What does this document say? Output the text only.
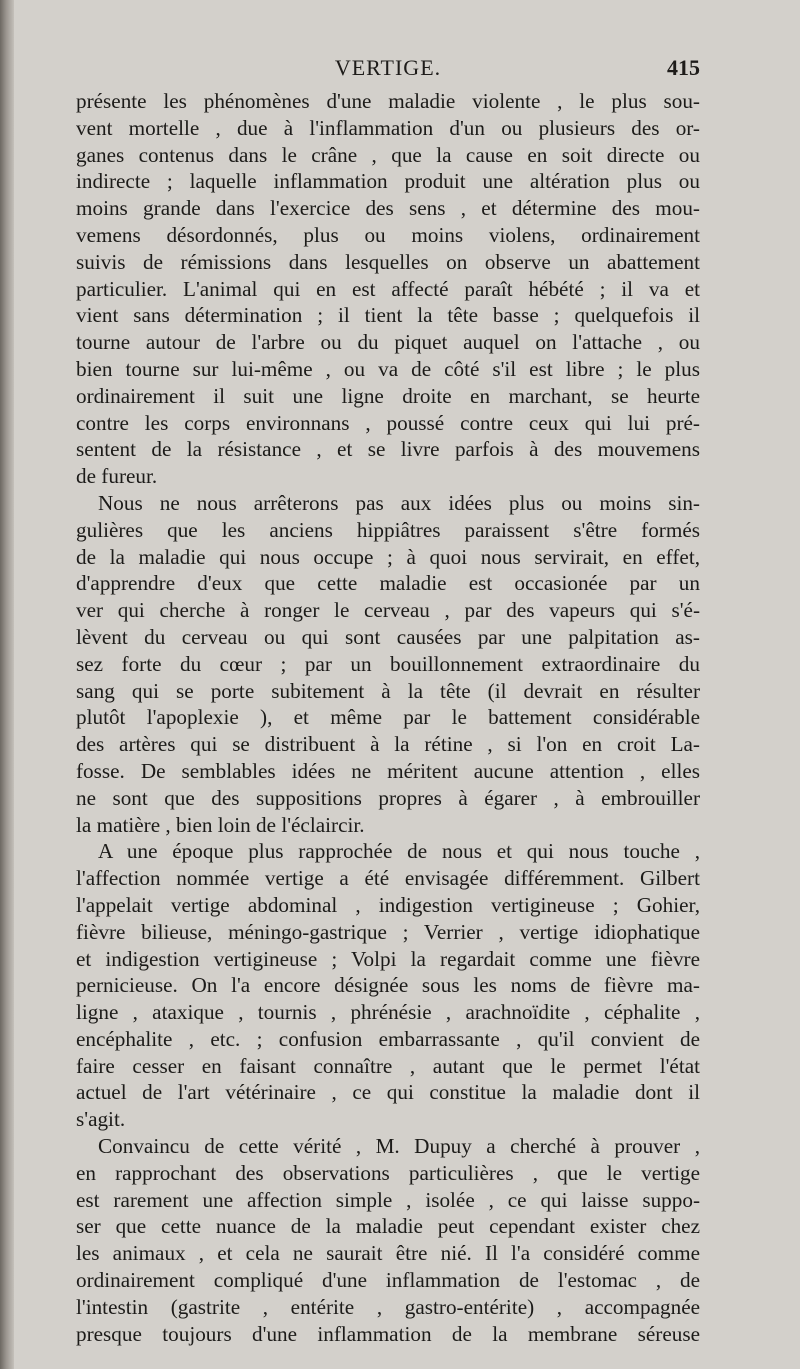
VERTIGE.	415
présente les phénomènes d'une maladie violente , le plus sou-
vent mortelle , due à l'inflammation d'un ou plusieurs des or-
ganes contenus dans le crâne , que la cause en soit directe ou
indirecte ; laquelle inflammation produit une altération plus ou
moins grande dans l'exercice des sens , et détermine des mou-
vemens désordonnés, plus ou moins violens, ordinairement
suivis de rémissions dans lesquelles on observe un abattement
particulier. L'animal qui en est affecté paraît hébété ; il va et
vient sans détermination ; il tient la tête basse ; quelquefois il
tourne autour de l'arbre ou du piquet auquel on l'attache , ou
bien tourne sur lui-même , ou va de côté s'il est libre ; le plus
ordinairement il suit une ligne droite en marchant, se heurte
contre les corps environnans , poussé contre ceux qui lui pré-
sentent de la résistance , et se livre parfois à des mouvemens
de fureur.
Nous ne nous arrêterons pas aux idées plus ou moins sin-
gulières que les anciens hippiâtres paraissent s'être formés
de la maladie qui nous occupe ; à quoi nous servirait, en effet,
d'apprendre d'eux que cette maladie est occasionée par un
ver qui cherche à ronger le cerveau , par des vapeurs qui s'é-
lèvent du cerveau ou qui sont causées par une palpitation as-
sez forte du cœur ; par un bouillonnement extraordinaire du
sang qui se porte subitement à la tête (il devrait en résulter
plutôt l'apoplexie ), et même par le battement considérable
des artères qui se distribuent à la rétine , si l'on en croit La-
fosse. De semblables idées ne méritent aucune attention , elles
ne sont que des suppositions propres à égarer , à embrouiller
la matière , bien loin de l'éclaircir.
A une époque plus rapprochée de nous et qui nous touche ,
l'affection nommée vertige a été envisagée différemment. Gilbert
l'appelait vertige abdominal , indigestion vertigineuse ; Gohier,
fièvre bilieuse, méningo-gastrique ; Verrier , vertige idiophatique
et indigestion vertigineuse ; Volpi la regardait comme une fièvre
pernicieuse. On l'a encore désignée sous les noms de fièvre ma-
ligne , ataxique , tournis , phrénésie , arachnoïdite , céphalite ,
encéphalite , etc. ; confusion embarrassante , qu'il convient de
faire cesser en faisant connaître , autant que le permet l'état
actuel de l'art vétérinaire , ce qui constitue la maladie dont il
s'agit.
Convaincu de cette vérité , M. Dupuy a cherché à prouver ,
en rapprochant des observations particulières , que le vertige
est rarement une affection simple , isolée , ce qui laisse suppo-
ser que cette nuance de la maladie peut cependant exister chez
les animaux , et cela ne saurait être nié. Il l'a considéré comme
ordinairement compliqué d'une inflammation de l'estomac , de
l'intestin (gastrite , entérite , gastro-entérite) , accompagnée
presque toujours d'une inflammation de la membrane séreuse
